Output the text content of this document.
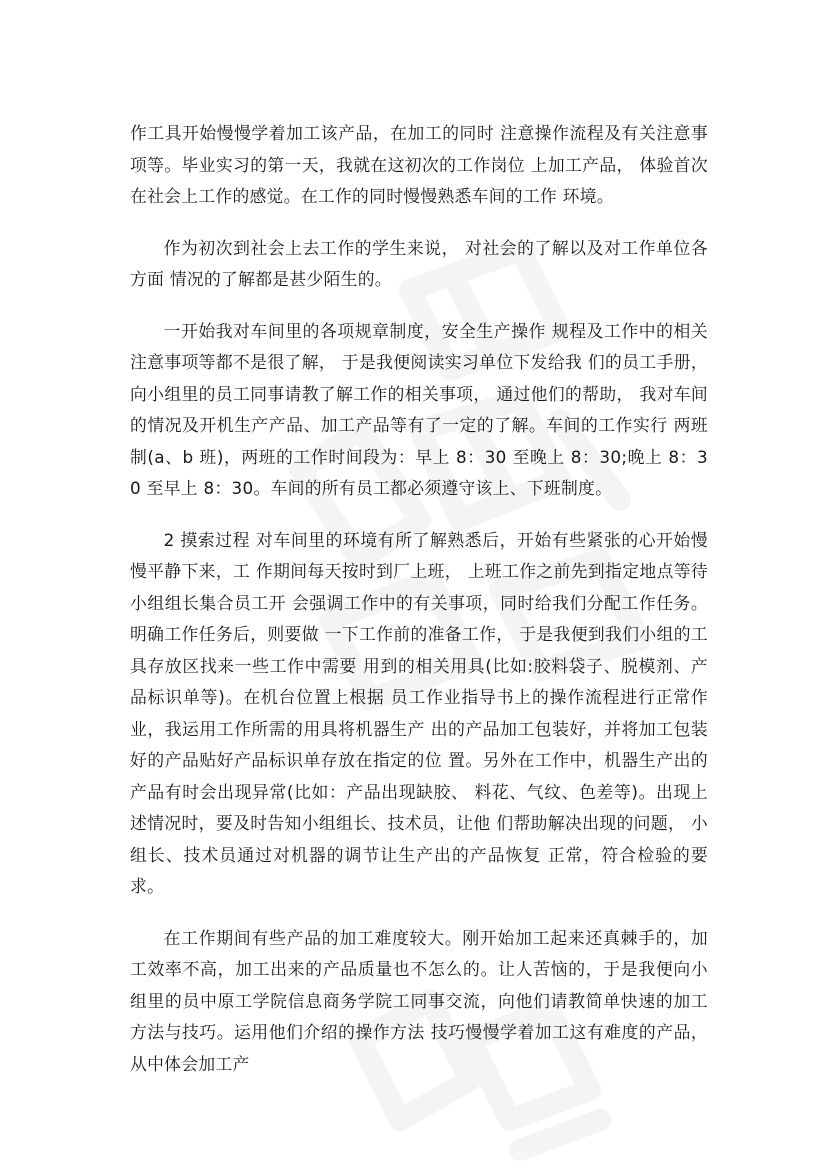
作工具开始慢慢学着加工该产品，在加工的同时 注意操作流程及有关注意事项等。毕业实习的第一天，我就在这初次的工作岗位 上加工产品， 体验首次在社会上工作的感觉。在工作的同时慢慢熟悉车间的工作 环境。

作为初次到社会上去工作的学生来说， 对社会的了解以及对工作单位各方面 情况的了解都是甚少陌生的。

一开始我对车间里的各项规章制度，安全生产操作 规程及工作中的相关注意事项等都不是很了解， 于是我便阅读实习单位下发给我 们的员工手册， 向小组里的员工同事请教了解工作的相关事项， 通过他们的帮助， 我对车间的情况及开机生产产品、加工产品等有了一定的了解。车间的工作实行 两班制(a、b 班)，两班的工作时间段为：早上 8：30 至晚上 8：30;晚上 8：30 至早上 8：30。车间的所有员工都必须遵守该上、下班制度。

2 摸索过程 对车间里的环境有所了解熟悉后，开始有些紧张的心开始慢慢平静下来，工 作期间每天按时到厂上班， 上班工作之前先到指定地点等待小组组长集合员工开 会强调工作中的有关事项，同时给我们分配工作任务。明确工作任务后，则要做 一下工作前的准备工作， 于是我便到我们小组的工具存放区找来一些工作中需要 用到的相关用具(比如:胶料袋子、脱模剂、产品标识单等)。在机台位置上根据 员工作业指导书上的操作流程进行正常作业，我运用工作所需的用具将机器生产 出的产品加工包装好，并将加工包装好的产品贴好产品标识单存放在指定的位 置。另外在工作中，机器生产出的产品有时会出现异常(比如：产品出现缺胶、 料花、气纹、色差等)。出现上述情况时，要及时告知小组组长、技术员，让他 们帮助解决出现的问题， 小组长、技术员通过对机器的调节让生产出的产品恢复 正常，符合检验的要求。

在工作期间有些产品的加工难度较大。刚开始加工起来还真棘手的，加工效率不高，加工出来的产品质量也不怎么的。让人苦恼的，于是我便向小组里的员中原工学院信息商务学院工同事交流，向他们请教简单快速的加工方法与技巧。运用他们介绍的操作方法 技巧慢慢学着加工这有难度的产品，从中体会加工产
